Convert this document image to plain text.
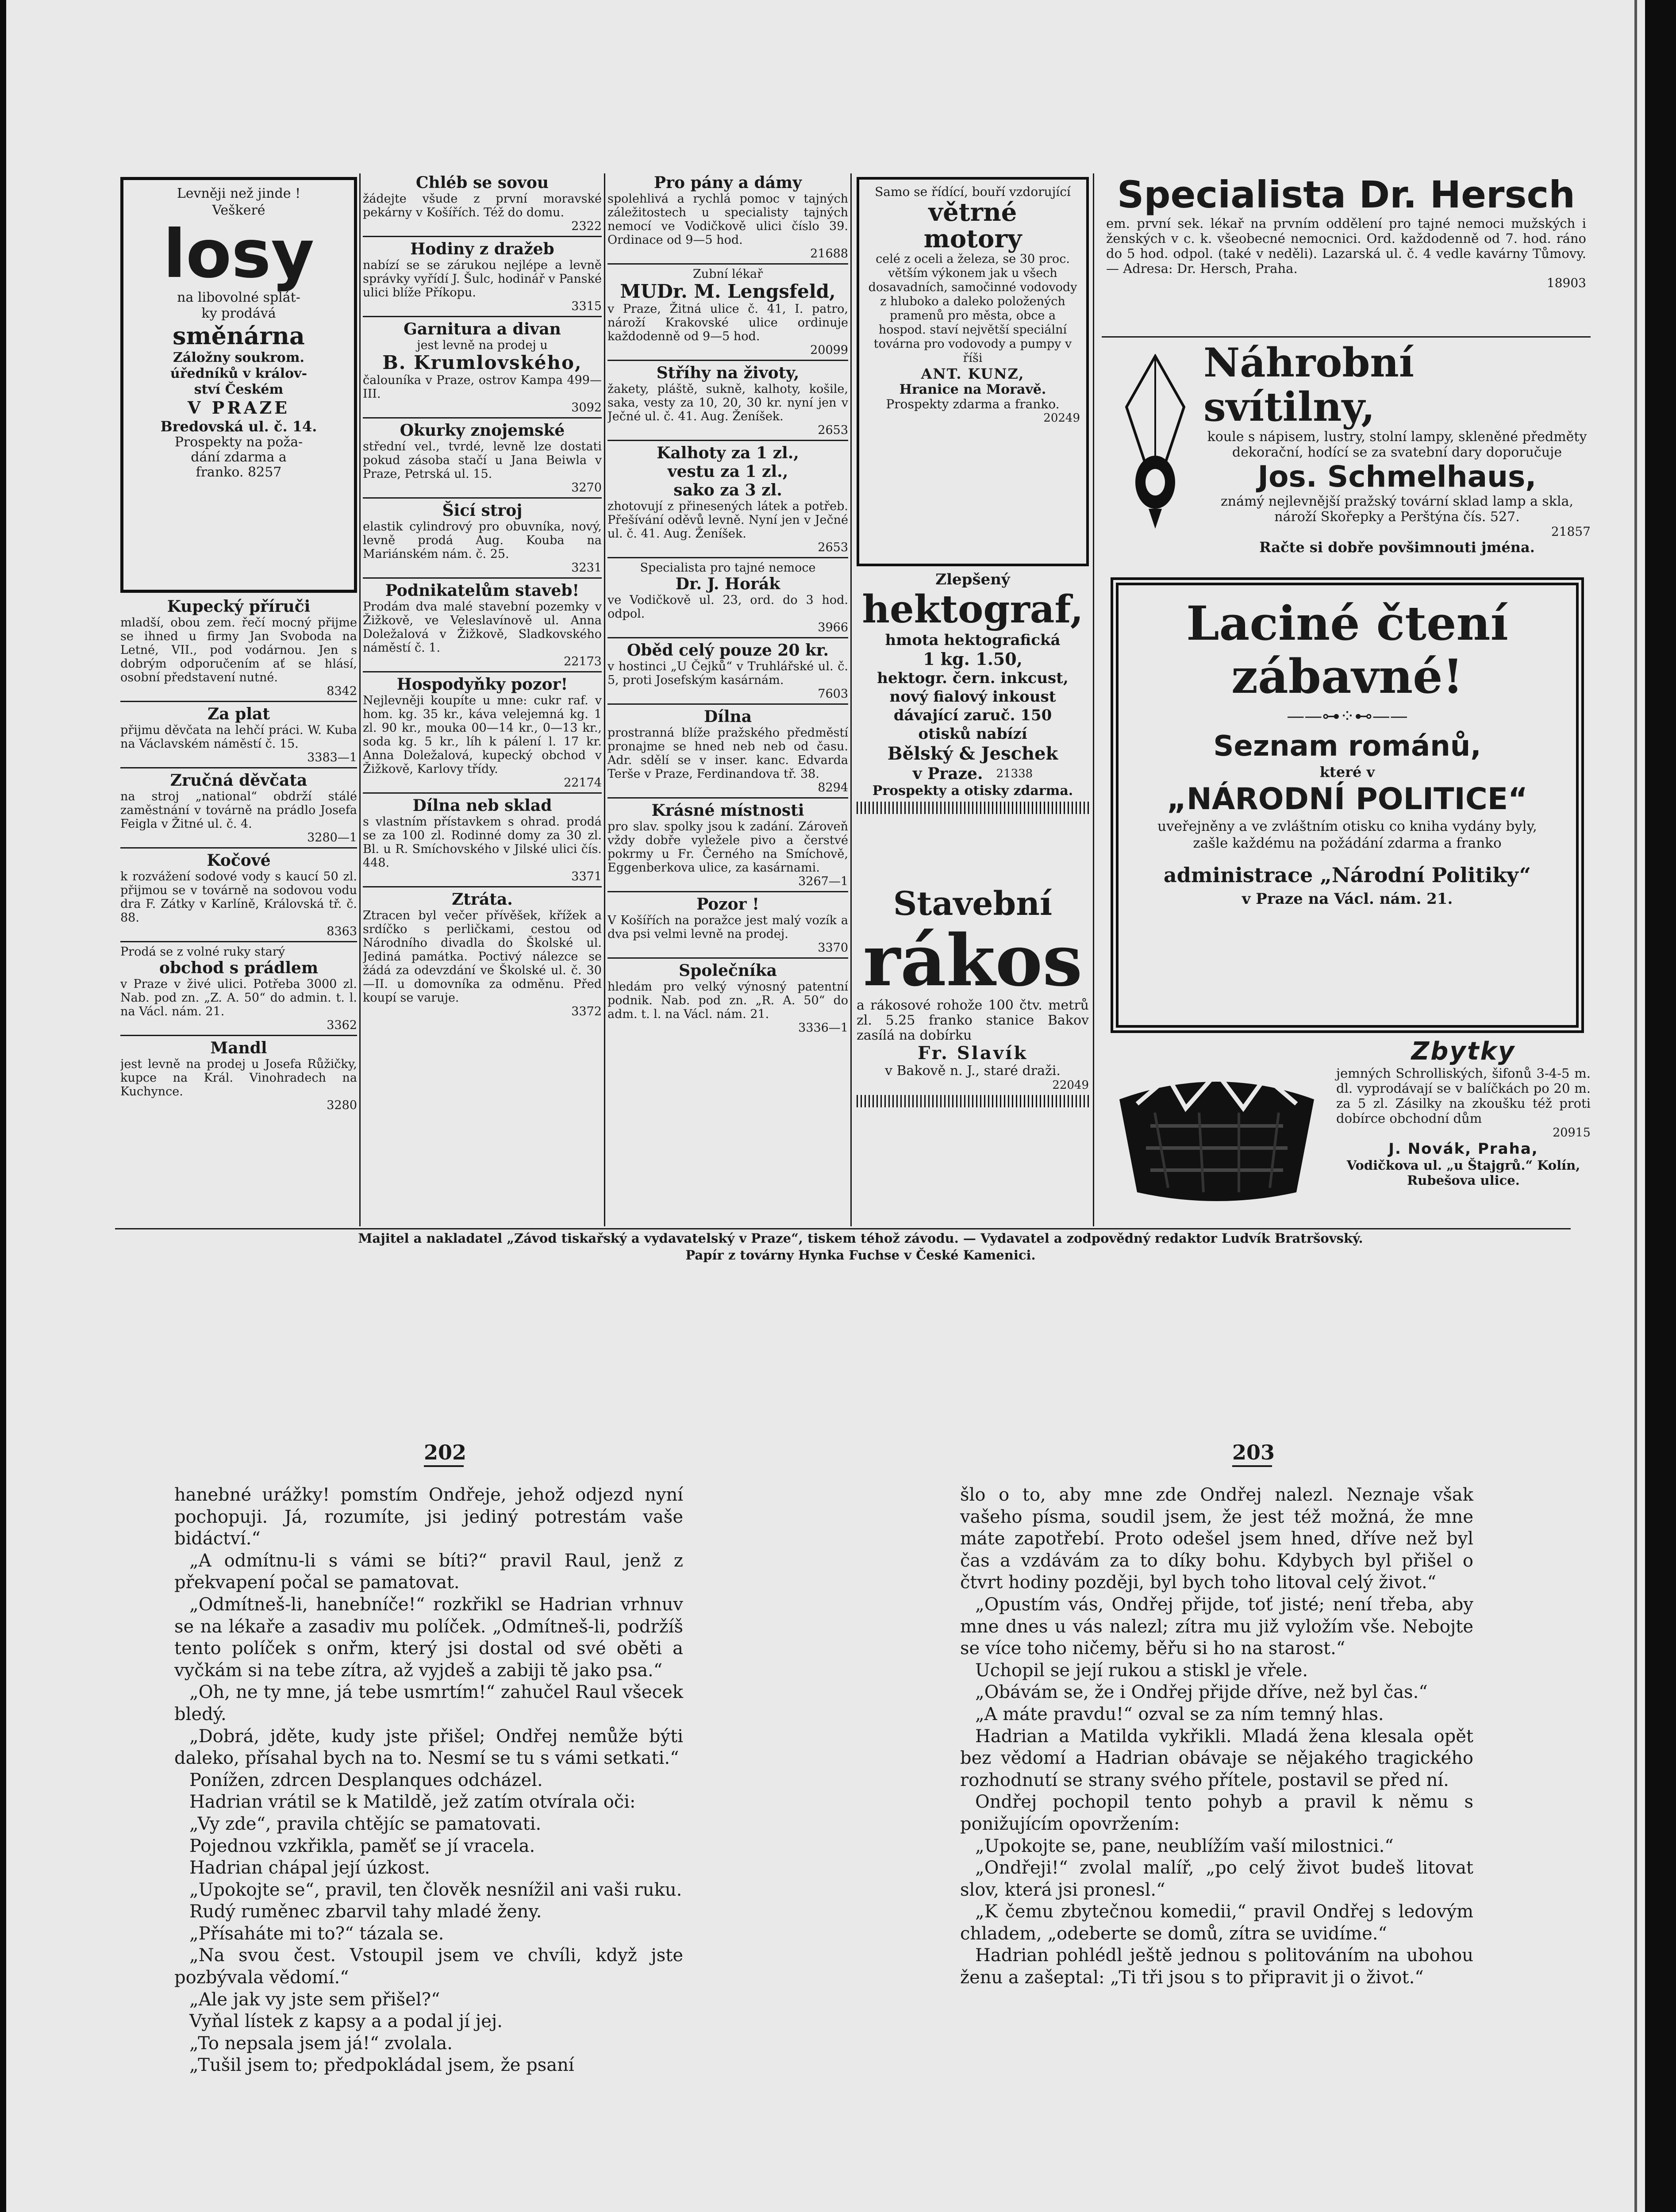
Levněji než jinde !
Veškeré
losy
na libovolné splát-
ky prodává
směnárna
Záložny soukrom.
úředníků v králov-
ství Českém
V PRAZE
Bredovská ul. č. 14.
Prospekty na poža-
dání zdarma a
franko. 8257
Kupecký příruči
mladší, obou zem. řečí mocný přijme se ihned u firmy Jan Svoboda na Letné, VII., pod vodárnou. Jen s dobrým odporučením ať se hlásí, osobní představení nutné.
8342
Za plat
přijmu děvčata na lehčí práci. W. Kuba na Václavském náměstí č. 15.
3383—1
Zručná děvčata
na stroj „national“ obdrží stálé zaměstnání v továrně na prádlo Josefa Feigla v Žitné ul. č. 4.
3280—1
Kočové
k rozvážení sodové vody s kaucí 50 zl. přijmou se v továrně na sodovou vodu dra F. Zátky v Karlíně, Královská tř. č. 88.
8363
Prodá se z volné ruky starý
obchod s prádlem
v Praze v živé ulici. Potřeba 3000 zl. Nab. pod zn. „Z. A. 50“ do admin. t. l. na Václ. nám. 21.
3362
Mandl
jest levně na prodej u Josefa Růžičky, kupce na Král. Vinohradech na Kuchynce.
3280
Chléb se sovou
žádejte všude z první moravské pekárny v Košířích. Též do domu.
2322
Hodiny z dražeb
nabízí se se zárukou nejlépe a levně správky vyřídí J. Šulc, hodinář v Panské ulici blíže Příkopu.
3315
Garnitura a divan
jest levně na prodej u
B. Krumlovského,
čalouníka v Praze, ostrov Kampa 499—III.
3092
Okurky znojemské
střední vel., tvrdé, levně lze dostati pokud zásoba stačí u Jana Beiwla v Praze, Petrská ul. 15.
3270
Šicí stroj
elastik cylindrový pro obuvníka, nový, levně prodá Aug. Kouba na Mariánském nám. č. 25.
3231
Podnikatelům staveb!
Prodám dva malé stavební pozemky v Žižkově, ve Veleslavínově ul. Anna Doležalová v Žižkově, Sladkovského náměstí č. 1.
22173
Hospodyňky pozor!
Nejlevněji koupíte u mne: cukr raf. v hom. kg. 35 kr., káva velejemná kg. 1 zl. 90 kr., mouka 00—14 kr., 0—13 kr., soda kg. 5 kr., líh k pálení l. 17 kr. Anna Doležalová, kupecký obchod v Žižkově, Karlovy třídy.
22174
Dílna neb sklad
s vlastním přístavkem s ohrad. prodá se za 100 zl. Rodinné domy za 30 zl. Bl. u R. Smíchovského v Jilské ulici čís. 448.
3371
Ztráta.
Ztracen byl večer přívěšek, křížek a srdíčko s perličkami, cestou od Národního divadla do Školské ul. Jediná památka. Poctivý nálezce se žádá za odevzdání ve Školské ul. č. 30—II. u domovníka za odměnu. Před koupí se varuje.
3372
Pro pány a dámy
spolehlivá a rychlá pomoc v tajných záležitostech u specialisty tajných nemocí ve Vodičkově ulici číslo 39. Ordinace od 9—5 hod.
21688
Zubní lékař
MUDr. M. Lengsfeld,
v Praze, Žitná ulice č. 41, I. patro, nároží Krakovské ulice ordinuje každodenně od 9—5 hod.
20099
Stříhy na životy,
žakety, pláště, sukně, kalhoty, košile, saka, vesty za 10, 20, 30 kr. nyní jen v Ječné ul. č. 41. Aug. Ženíšek.
2653
Kalhoty za 1 zl.,
vestu za 1 zl.,
sako za 3 zl.
zhotovují z přinesených látek a potřeb. Přešívání oděvů levně. Nyní jen v Ječné ul. č. 41. Aug. Ženíšek.
2653
Specialista pro tajné nemoce
Dr. J. Horák
ve Vodičkově ul. 23, ord. do 3 hod. odpol.
3966
Oběd celý pouze 20 kr.
v hostinci „U Čejků“ v Truhlářské ul. č. 5, proti Josefským kasárnám.
7603
Dílna
prostranná blíže pražského předměstí pronajme se hned neb neb od času. Adr. sdělí se v inser. kanc. Edvarda Terše v Praze, Ferdinandova tř. 38.
8294
Krásné místnosti
pro slav. spolky jsou k zadání. Zároveň vždy dobře vyležele pivo a čerstvé pokrmy u Fr. Černého na Smíchově, Eggenberkova ulice, za kasárnami.
3267—1
Pozor !
V Košířích na poražce jest malý vozík a dva psi velmi levně na prodej.
3370
Společníka
hledám pro velký výnosný patentní podnik. Nab. pod zn. „R. A. 50“ do adm. t. l. na Václ. nám. 21.
3336—1
Samo se řídící, bouří vzdorující
větrné
motory
celé z oceli a železa, se 30 proc. větším výkonem jak u všech dosavadních, samočinné vodovody z hluboko a daleko položených pramenů pro města, obce a hospod. staví největší speciální továrna pro vodovody a pumpy v říši
ANT. KUNZ,
Hranice na Moravě.
Prospekty zdarma a franko.
20249
Zlepšený
hektograf,
hmota hektografická
1 kg. 1.50,
hektogr. čern. inkcust,
nový fialový inkoust
dávající zaruč. 150
otisků nabízí
Bělský & Jeschek
v Praze. 21338
Prospekty a otisky zdarma.
Stavební
rákos
a rákosové rohože 100 čtv. metrů zl. 5.25 franko stanice Bakov zasílá na dobírku
Fr. Slavík
v Bakově n. J., staré draži.
22049
Specialista Dr. Hersch
em. první sek. lékař na prvním oddělení pro tajné nemoci mužských i ženských v c. k. všeobecné nemocnici. Ord. každodenně od 7. hod. ráno do 5 hod. odpol. (také v neděli). Lazarská ul. č. 4 vedle kavárny Tůmovy. — Adresa: Dr. Hersch, Praha.
18903
Náhrobní svítilny,
koule s nápisem, lustry, stolní lampy, skleněné předměty dekorační, hodící se za svatební dary doporučuje
Jos. Schmelhaus,
známý nejlevnější pražský tovární sklad lamp a skla, nároží Skořepky a Perštýna čís. 527.
21857
Račte si dobře povšimnouti jména.
Laciné čtení zábavné!
——⊶⁘⊷——
Seznam románů,
které v
„NÁRODNÍ POLITICE“
uveřejněny a ve zvláštním otisku co kniha vydány byly, zašle každému na požádání zdarma a franko
administrace „Národní Politiky“
v Praze na Václ. nám. 21.
Zbytky
jemných Schrolliských, šifonů 3-4-5 m. dl. vyprodávají se v balíčkách po 20 m. za 5 zl. Zásilky na zkoušku též proti dobírce obchodní dům
20915
J. Novák, Praha,
Vodičkova ul. „u Štajgrů.“ Kolín, Rubešova ulice.
Majitel a nakladatel „Závod tiskařský a vydavatelský v Praze“, tiskem téhož závodu. — Vydavatel a zodpovědný redaktor Ludvík Bratršovský.
Papír z továrny Hynka Fuchse v České Kamenici.
202	203

hanebné urážky! pomstím Ondřeje, jehož odjezd nyní pochopuji. Já, rozumíte, jsi jediný potrestám vaše bidáctví.“

„A odmítnu-li s vámi se bíti?“ pravil Raul, jenž z překvapení počal se pamatovat.

„Odmítneš-li, hanebníče!“ rozkřikl se Hadrian vrhnuv se na lékaře a zasadiv mu políček. „Odmítneš-li, podržíš tento políček s onřm, který jsi dostal od své oběti a vyčkám si na tebe zítra, až vyjdeš a zabiji tě jako psa.“

„Oh, ne ty mne, já tebe usmrtím!“ zahučel Raul všecek bledý.

„Dobrá, jděte, kudy jste přišel; Ondřej nemůže býti daleko, přísahal bych na to. Nesmí se tu s vámi setkati.“

Ponížen, zdrcen Desplanques odcházel.

Hadrian vrátil se k Matildě, jež zatím otvírala oči:

„Vy zde“, pravila chtějíc se pamatovati.

Pojednou vzkřikla, paměť se jí vracela.

Hadrian chápal její úzkost.

„Upokojte se“, pravil, ten člověk nesnížil ani vaši ruku.

Rudý ruměnec zbarvil tahy mladé ženy.

„Přísaháte mi to?“ tázala se.

„Na svou čest. Vstoupil jsem ve chvíli, když jste pozbývala vědomí.“

„Ale jak vy jste sem přišel?“

Vyňal lístek z kapsy a a podal jí jej.

„To nepsala jsem já!“ zvolala.

„Tušil jsem to; předpokládal jsem, že psaní

šlo o to, aby mne zde Ondřej nalezl. Neznaje však vašeho písma, soudil jsem, že jest též možná, že mne máte zapotřebí. Proto odešel jsem hned, dříve než byl čas a vzdávám za to díky bohu. Kdybych byl přišel o čtvrt hodiny později, byl bych toho litoval celý život.“

„Opustím vás, Ondřej přijde, toť jisté; není třeba, aby mne dnes u vás nalezl; zítra mu již vyložím vše. Nebojte se více toho ničemy, běřu si ho na starost.“

Uchopil se její rukou a stiskl je vřele.

„Obávám se, že i Ondřej přijde dříve, než byl čas.“

„A máte pravdu!“ ozval se za ním temný hlas.

Hadrian a Matilda vykřikli. Mladá žena klesala opět bez vědomí a Hadrian obávaje se nějakého tragického rozhodnutí se strany svého přítele, postavil se před ní.

Ondřej pochopil tento pohyb a pravil k němu s ponižujícím opovržením:

„Upokojte se, pane, neublížím vaší milostnici.“

„Ondřeji!“ zvolal malíř, „po celý život budeš litovat slov, která jsi pronesl.“

„K čemu zbytečnou komedii,“ pravil Ondřej s ledovým chladem, „odeberte se domů, zítra se uvidíme.“

Hadrian pohlédl ještě jednou s politováním na ubohou ženu a zašeptal: „Ti tři jsou s to připravit ji o život.“
